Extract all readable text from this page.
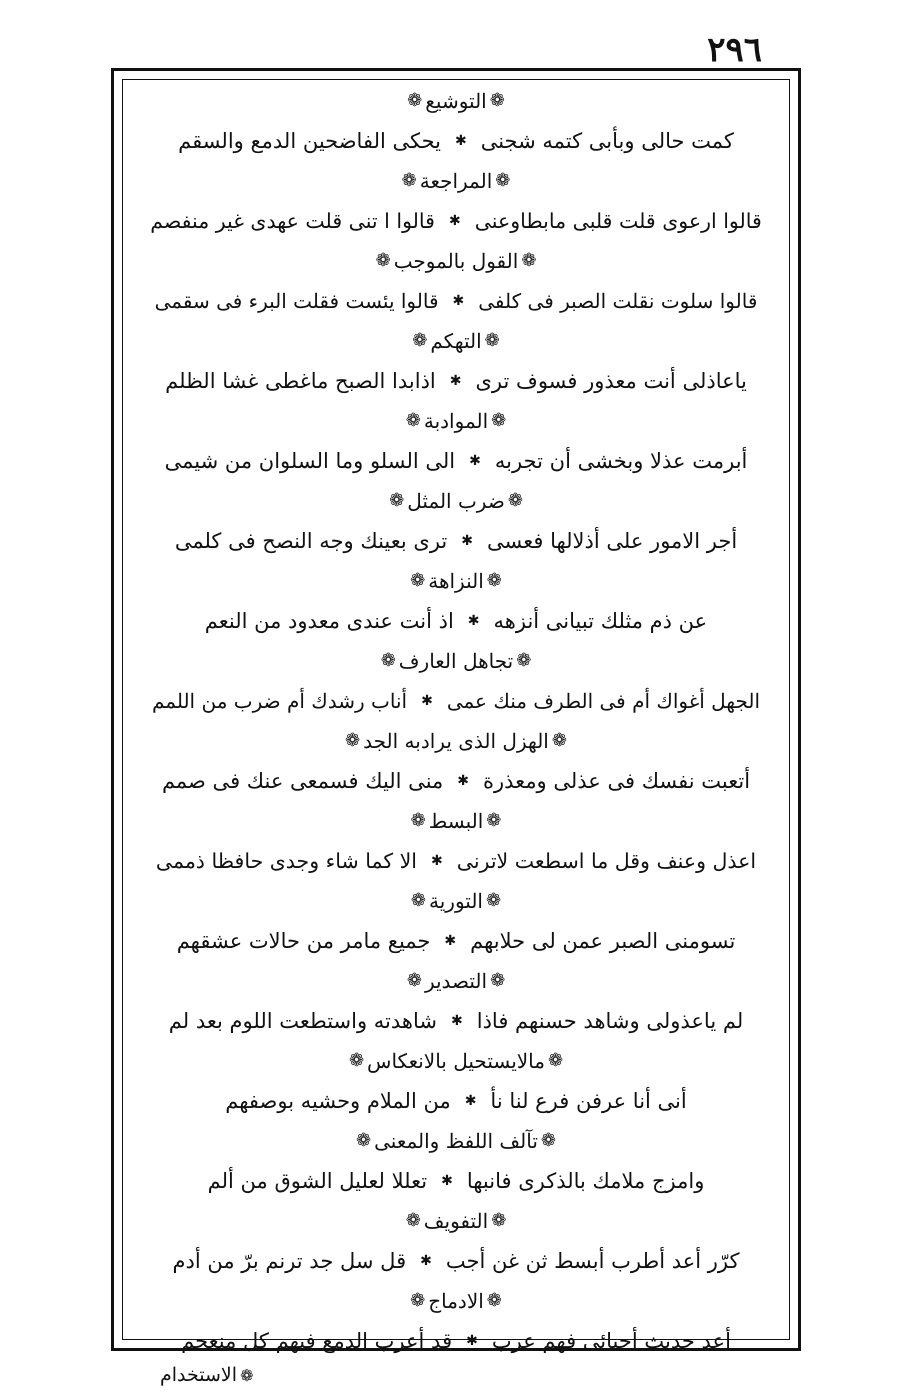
٢٩٦
❁
التوشيع
❁
كمت حالى وبأبى كتمه شجنى
✱
يحكى الفاضحين الدمع والسقم
❁
المراجعة
❁
قالوا ارعوى قلت قلبى مابطاوعنى
✱
قالوا ا تنى قلت عهدى غير منفصم
❁
القول بالموجب
❁
قالوا سلوت نقلت الصبر فى كلفى
✱
قالوا يئست فقلت البرء فى سقمى
❁
التهكم
❁
ياعاذلى أنت معذور فسوف ترى
✱
اذابدا الصبح ماغطى غشا الظلم
❁
الموادبة
❁
أبرمت عذلا وبخشى أن تجربه
✱
الى السلو وما السلوان من شيمى
❁
ضرب المثل
❁
أجر الامور على أذلالها فعسى
✱
ترى بعينك وجه النصح فى كلمى
❁
النزاهة
❁
عن ذم مثلك تبيانى أنزهه
✱
اذ أنت عندى معدود من النعم
❁
تجاهل العارف
❁
الجهل أغواك أم فى الطرف منك عمى
✱
أناب رشدك أم ضرب من اللمم
❁
الهزل الذى يرادبه الجد
❁
أتعبت نفسك فى عذلى ومعذرة
✱
منى اليك فسمعى عنك فى صمم
❁
البسط
❁
اعذل وعنف وقل ما اسطعت لاترنى
✱
الا كما شاء وجدى حافظا ذممى
❁
التورية
❁
تسومنى الصبر عمن لى حلابهم
✱
جميع مامر من حالات عشقهم
❁
التصدير
❁
لم ياعذولى وشاهد حسنهم فاذا
✱
شاهدته واستطعت اللوم بعد لم
❁
مالايستحيل بالانعكاس
❁
أنى أنا عرفن فرع لنا نأ
✱
من الملام وحشيه بوصفهم
❁
تآلف اللفظ والمعنى
❁
وامزج ملامك بالذكرى فانبها
✱
تعللا لعليل الشوق من ألم
❁
التفويف
❁
كرّر أعد أطرب أبسط ثن غن أجب
✱
قل سل جد ترنم برّ من أدم
❁
الادماج
❁
أعد حديث أحبائى فهم عرب
✱
قد أعرب الدمع فيهم كل منعجم
❁الاستخدام
